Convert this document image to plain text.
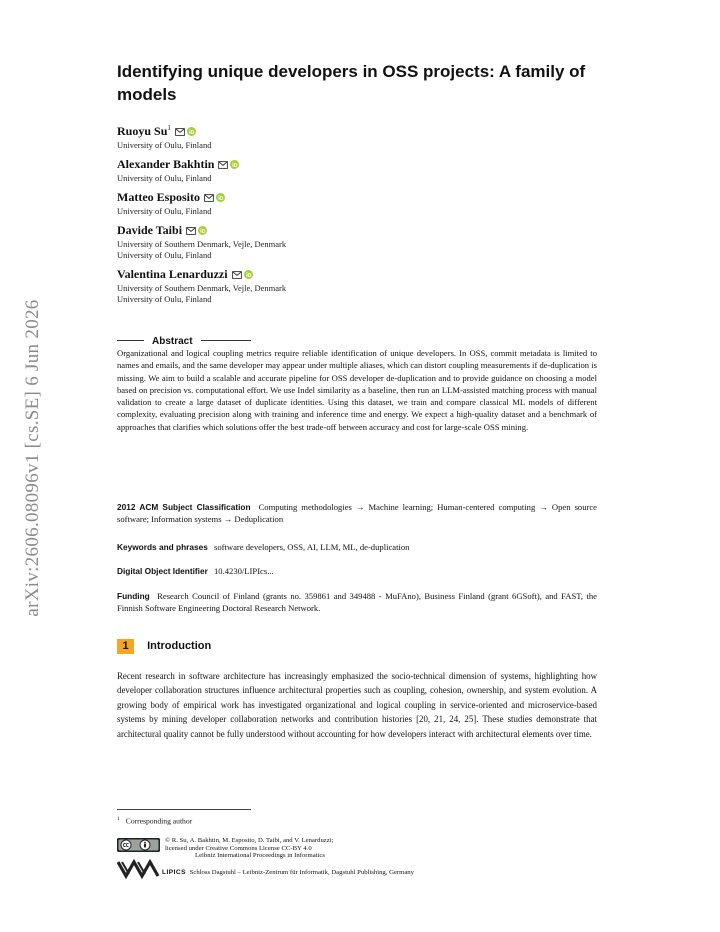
arXiv:2606.08096v1 [cs.SE] 6 Jun 2026
Identifying unique developers in OSS projects: A family of models
Ruoyu Su$^1$
University of Oulu, Finland
Alexander Bakhtin
University of Oulu, Finland
Matteo Esposito
University of Oulu, Finland
Davide Taibi
University of Southern Denmark, Vejle, Denmark
University of Oulu, Finland
Valentina Lenarduzzi
University of Southern Denmark, Vejle, Denmark
University of Oulu, Finland
Abstract

Organizational and logical coupling metrics require reliable identification of unique developers. In OSS, commit metadata is limited to names and emails, and the same developer may appear under multiple aliases, which can distort coupling measurements if de-duplication is missing. We aim to build a scalable and accurate pipeline for OSS developer de-duplication and to provide guidance on choosing a model based on precision vs. computational effort. We use Indel similarity as a baseline, then run an LLM-assisted matching process with manual validation to create a large dataset of duplicate identities. Using this dataset, we train and compare classical ML models of different complexity, evaluating precision along with training and inference time and energy. We expect a high-quality dataset and a benchmark of approaches that clarifies which solutions offer the best trade-off between accuracy and cost for large-scale OSS mining.

2012 ACM Subject Classification Computing methodologies → Machine learning; Human-centered computing → Open source software; Information systems → Deduplication

Keywords and phrases software developers, OSS, AI, LLM, ML, de-duplication

Digital Object Identifier 10.4230/LIPIcs...

Funding Research Council of Finland (grants no. 359861 and 349488 - MuFAno), Business Finland (grant 6GSoft), and FAST, the Finnish Software Engineering Doctoral Research Network.

1 Introduction

Recent research in software architecture has increasingly emphasized the socio-technical dimension of systems, highlighting how developer collaboration structures influence architectural properties such as coupling, cohesion, ownership, and system evolution. A growing body of empirical work has investigated organizational and logical coupling in service-oriented and microservice-based systems by mining developer collaboration networks and contribution histories [20, 21, 24, 25]. These studies demonstrate that architectural quality cannot be fully understood without accounting for how developers interact with architectural elements over time.

$^1$ Corresponding author
© R. Su, A. Bakhtin, M. Esposito, D. Taibi, and V. Lenarduzzi;
licensed under Creative Commons License CC-BY 4.0
Leibniz International Proceedings in Informatics
LIPICS Schloss Dagstuhl – Leibniz-Zentrum für Informatik, Dagstuhl Publishing, Germany
